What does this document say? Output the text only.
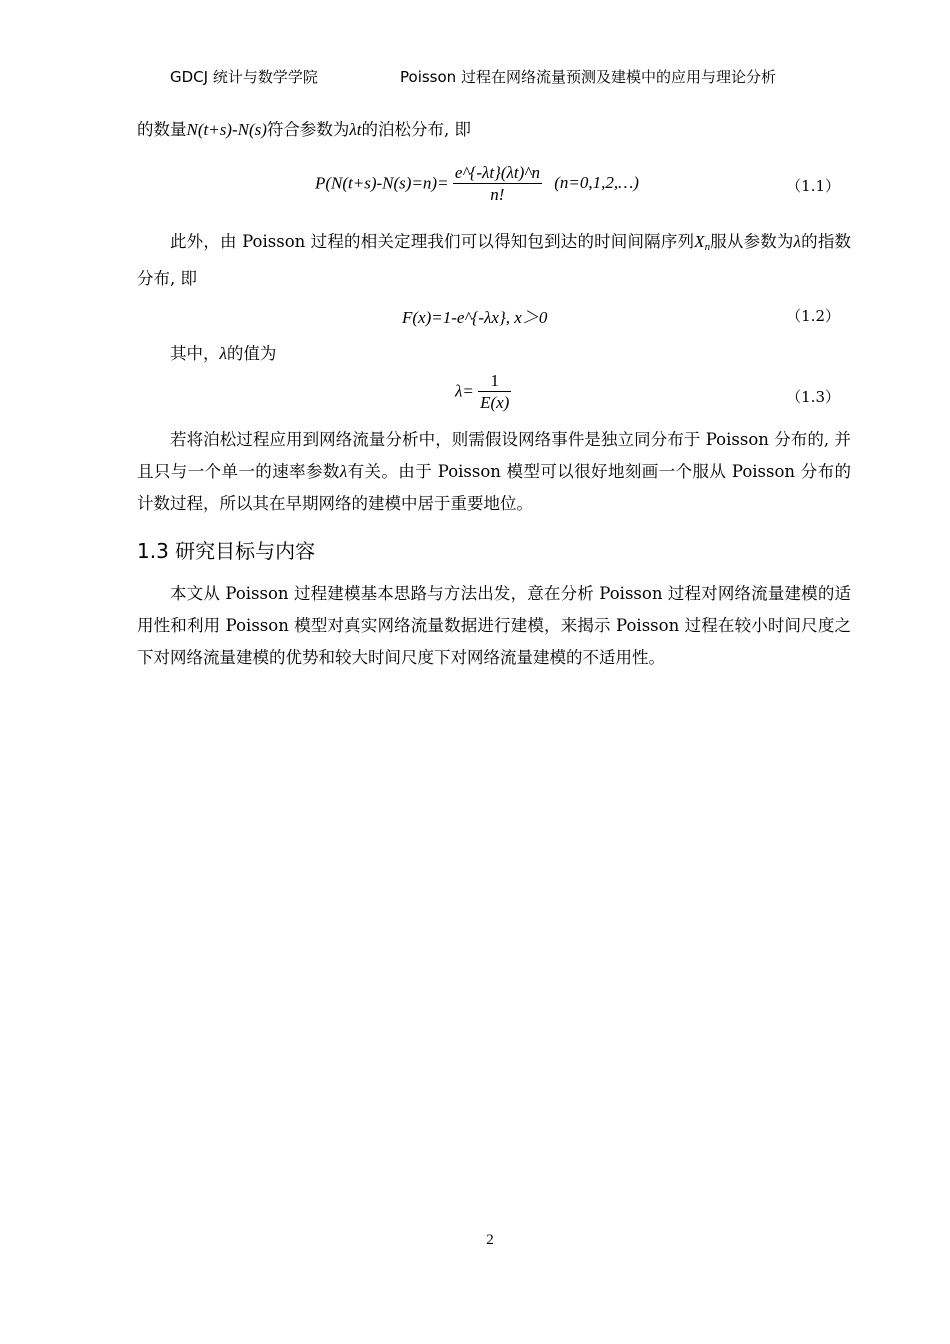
GDCJ 统计与数学学院	Poisson 过程在网络流量预测及建模中的应用与理论分析

的数量N(t+s)-N(s)符合参数为λt的泊松分布, 即

$P(N(t+s)-N(s)=n)= \frac{e\^{}\{-\lambda t\}(\lambda t)\^{}n}{n!}$ (n=0,1,2,…)	（1.1）

此外，由 Poisson 过程的相关定理我们可以得知包到达的时间间隔序列$X_n$服从参数为λ的指数分布, 即

F(x)=1-e^{-λx}, x＞0	（1.2）

其中，λ的值为

$\lambda= \frac{1}{E(x)}$	（1.3）

若将泊松过程应用到网络流量分析中，则需假设网络事件是独立同分布于 Poisson 分布的, 并且只与一个单一的速率参数λ有关。由于 Poisson 模型可以很好地刻画一个服从 Poisson 分布的计数过程，所以其在早期网络的建模中居于重要地位。

1.3 研究目标与内容

本文从 Poisson 过程建模基本思路与方法出发，意在分析 Poisson 过程对网络流量建模的适用性和利用 Poisson 模型对真实网络流量数据进行建模，来揭示 Poisson 过程在较小时间尺度之下对网络流量建模的优势和较大时间尺度下对网络流量建模的不适用性。

2
